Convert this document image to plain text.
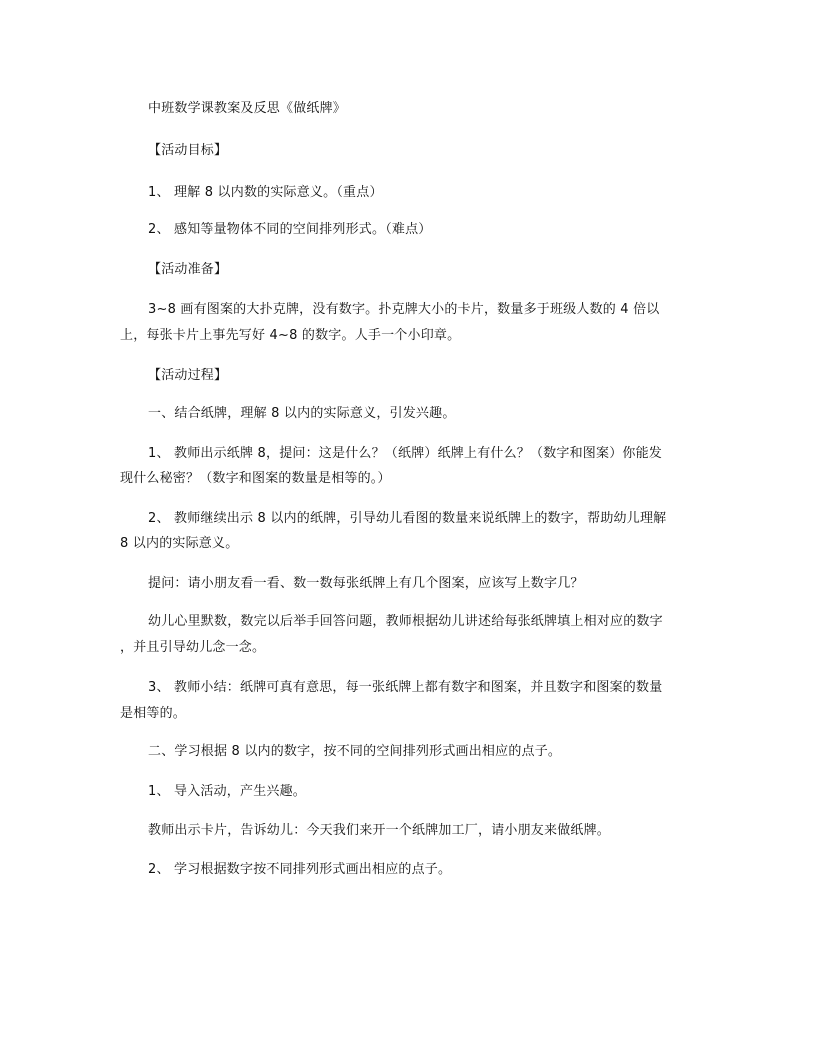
中班数学课教案及反思《做纸牌》
【活动目标】
1、 理解 8 以内数的实际意义。（重点）
2、 感知等量物体不同的空间排列形式。（难点）
【活动准备】
3~8 画有图案的大扑克牌，没有数字。扑克牌大小的卡片，数量多于班级人数的 4 倍以
上，每张卡片上事先写好 4~8 的数字。人手一个小印章。
【活动过程】
一、结合纸牌，理解 8 以内的实际意义，引发兴趣。
1、 教师出示纸牌 8，提问：这是什么？（纸牌）纸牌上有什么？（数字和图案）你能发
现什么秘密？（数字和图案的数量是相等的。）
2、 教师继续出示 8 以内的纸牌，引导幼儿看图的数量来说纸牌上的数字，帮助幼儿理解
8 以内的实际意义。
提问：请小朋友看一看、数一数每张纸牌上有几个图案，应该写上数字几？
幼儿心里默数，数完以后举手回答问题，教师根据幼儿讲述给每张纸牌填上相对应的数字
，并且引导幼儿念一念。
3、 教师小结：纸牌可真有意思，每一张纸牌上都有数字和图案，并且数字和图案的数量
是相等的。
二、学习根据 8 以内的数字，按不同的空间排列形式画出相应的点子。
1、 导入活动，产生兴趣。
教师出示卡片，告诉幼儿：今天我们来开一个纸牌加工厂，请小朋友来做纸牌。
2、 学习根据数字按不同排列形式画出相应的点子。
